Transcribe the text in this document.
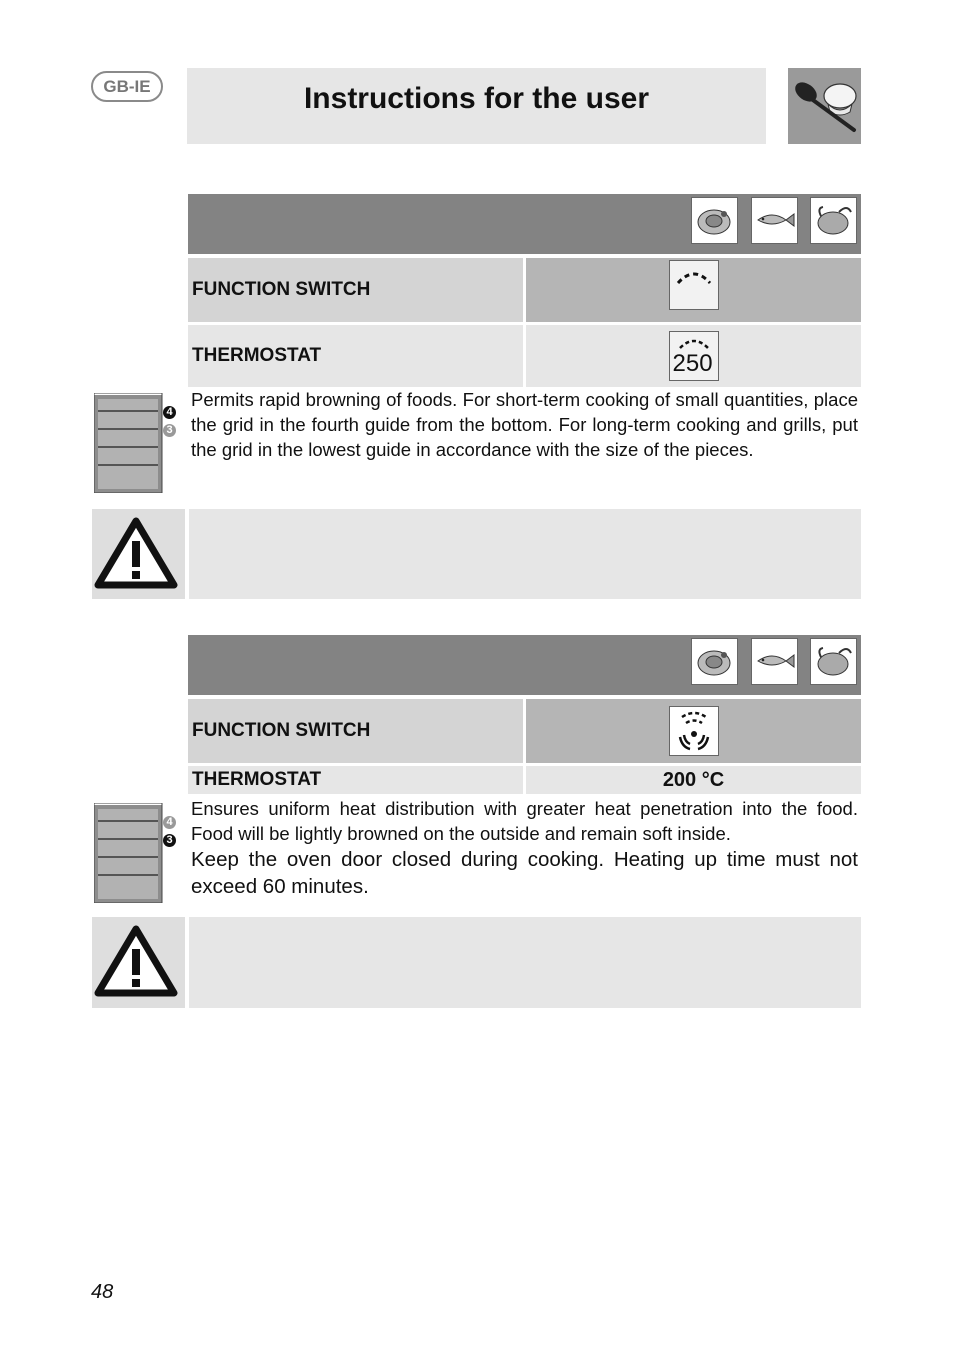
GB-IE	Instructions for the user
FUNCTION SWITCH
THERMOSTAT	250
4
3
Permits rapid browning of foods. For short-term cooking of small quantities, place the grid in the fourth guide from the bottom. For long-term cooking and grills, put the grid in the lowest guide in accordance with the size of the pieces.
FUNCTION SWITCH
THERMOSTAT	200 °C
4
3
Ensures uniform heat distribution with greater heat penetration into the food. Food will be lightly browned on the outside and remain soft inside.
Keep the oven door closed during cooking. Heating up time must not exceed 60 minutes.
48
